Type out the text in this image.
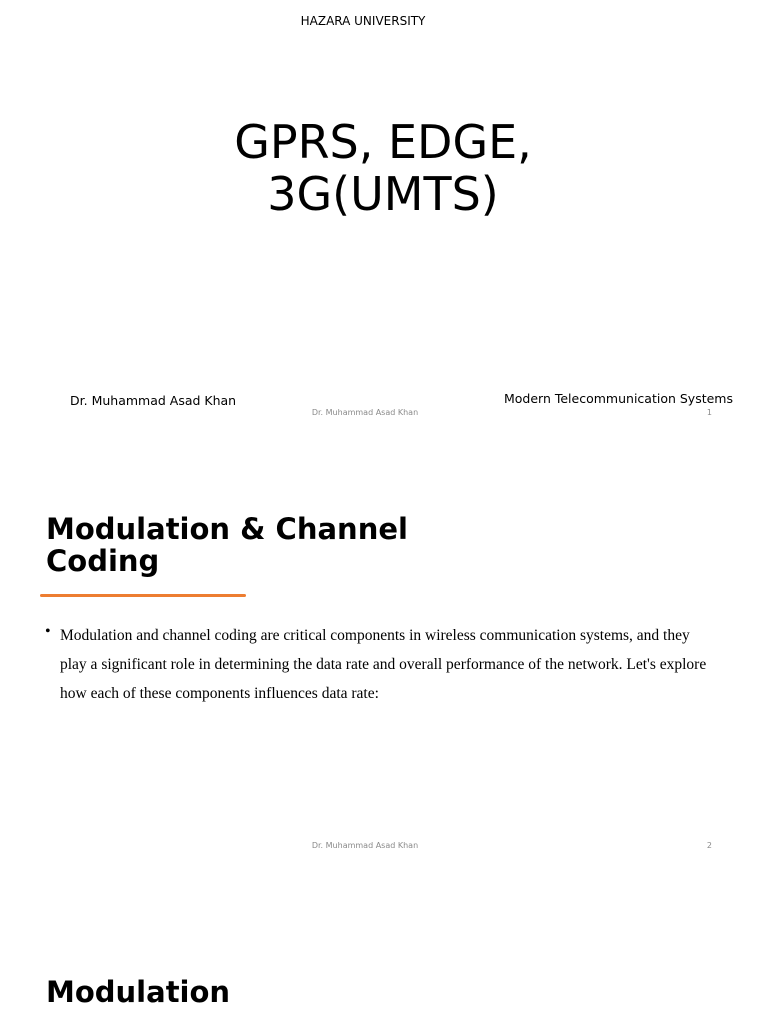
HAZARA UNIVERSITY
GPRS, EDGE,
3G(UMTS)
Dr. Muhammad Asad Khan	Modern Telecommunication Systems
Dr. Muhammad Asad Khan	1
Modulation & Channel
Coding
• Modulation and channel coding are critical components in wireless communication systems, and they play a significant role in determining the data rate and overall performance of the network. Let's explore how each of these components influences data rate:
Dr. Muhammad Asad Khan	2
Modulation
